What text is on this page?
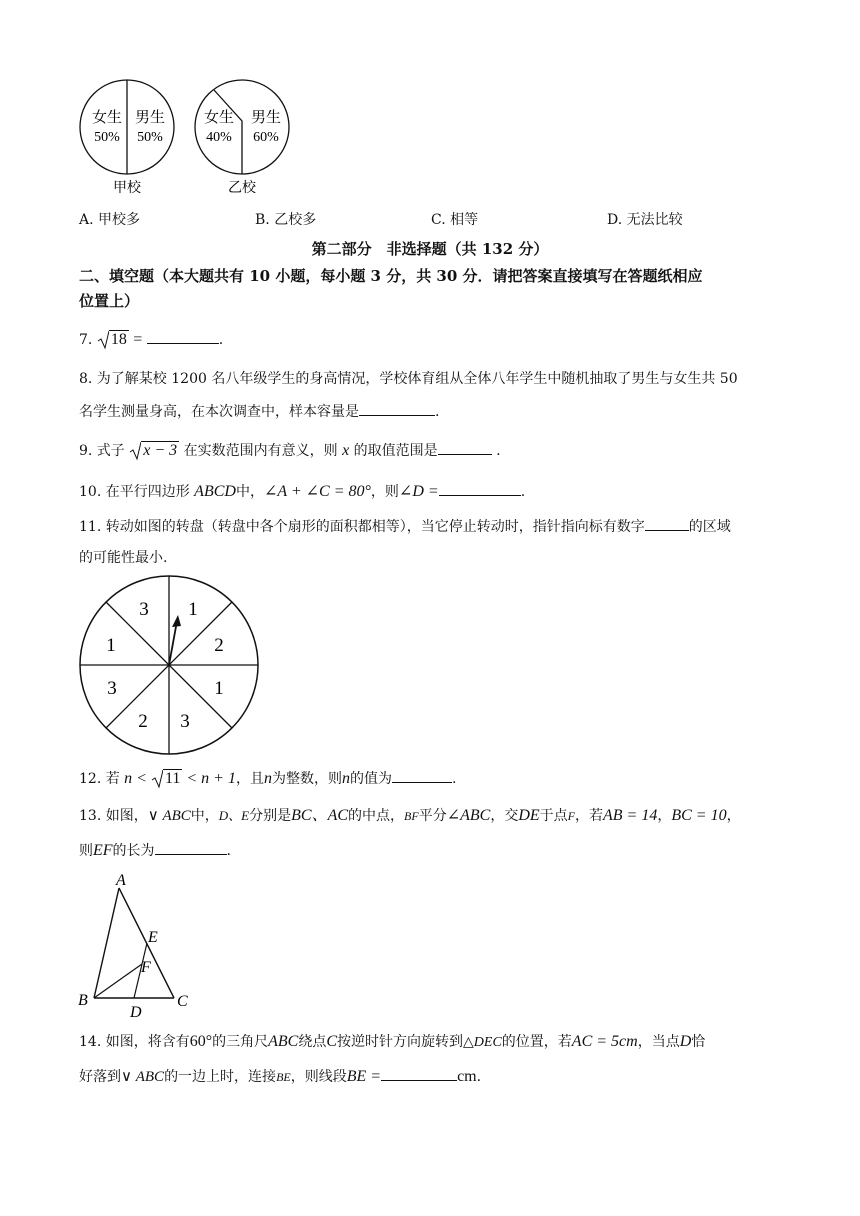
女生
50%
男生
50%
甲校
女生
40%
男生
60%
乙校
A. 甲校多	B. 乙校多	C. 相等	D. 无法比较
第二部分　非选择题（共 132 分）
二、填空题（本大题共有 10 小题，每小题 3 分，共 30 分．请把答案直接填写在答题纸相应
位置上）
7. 18 =	.
8. 为了解某校 1200 名八年级学生的身高情况，学校体育组从全体八年学生中随机抽取了男生与女生共 50
名学生测量身高，在本次调查中，样本容量是	.
9. 式子 x − 3 在实数范围内有意义，则 x 的取值范围是	.
10. 在平行四边形 ABCD中，∠A + ∠C = 80°，则∠D =	.
11. 转动如图的转盘（转盘中各个扇形的面积都相等），当它停止转动时，指针指向标有数字	的区域
的可能性最小.
1
2
1
3
2
3
1
3
12. 若 n <
11 < n + 1，且n为整数，则n的值为	.
13. 如图，∨ ABC中，D、E分别是BC、AC的中点，BF平分∠ABC，交DE于点F，若AB = 14，BC = 10，
则EF的长为	.
A
E
F
B
D
C
14. 如图，将含有60°的三角尺ABC绕点C按逆时针方向旋转到△DEC的位置，若AC = 5cm，当点D恰
好落到∨ ABC的一边上时，连接BE，则线段BE =	cm.
